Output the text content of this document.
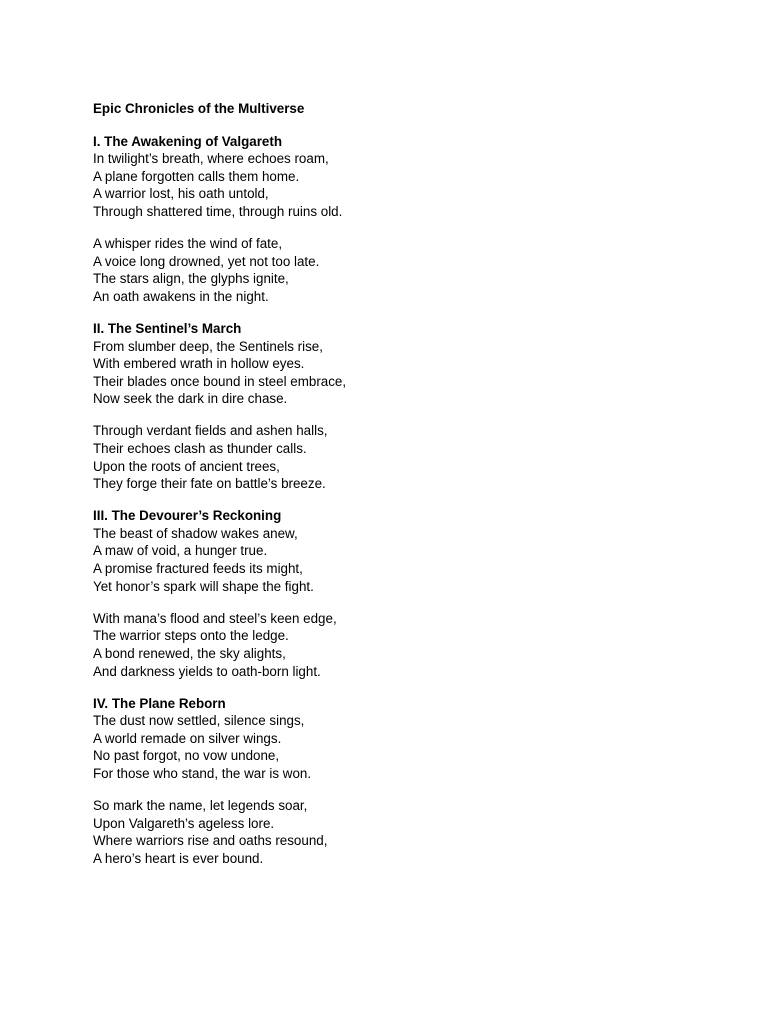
Epic Chronicles of the Multiverse
I. The Awakening of Valgareth
In twilight’s breath, where echoes roam,
A plane forgotten calls them home.
A warrior lost, his oath untold,
Through shattered time, through ruins old.
A whisper rides the wind of fate,
A voice long drowned, yet not too late.
The stars align, the glyphs ignite,
An oath awakens in the night.
II. The Sentinel’s March
From slumber deep, the Sentinels rise,
With embered wrath in hollow eyes.
Their blades once bound in steel embrace,
Now seek the dark in dire chase.
Through verdant fields and ashen halls,
Their echoes clash as thunder calls.
Upon the roots of ancient trees,
They forge their fate on battle’s breeze.
III. The Devourer’s Reckoning
The beast of shadow wakes anew,
A maw of void, a hunger true.
A promise fractured feeds its might,
Yet honor’s spark will shape the fight.
With mana’s flood and steel’s keen edge,
The warrior steps onto the ledge.
A bond renewed, the sky alights,
And darkness yields to oath-born light.
IV. The Plane Reborn
The dust now settled, silence sings,
A world remade on silver wings.
No past forgot, no vow undone,
For those who stand, the war is won.
So mark the name, let legends soar,
Upon Valgareth’s ageless lore.
Where warriors rise and oaths resound,
A hero’s heart is ever bound.
